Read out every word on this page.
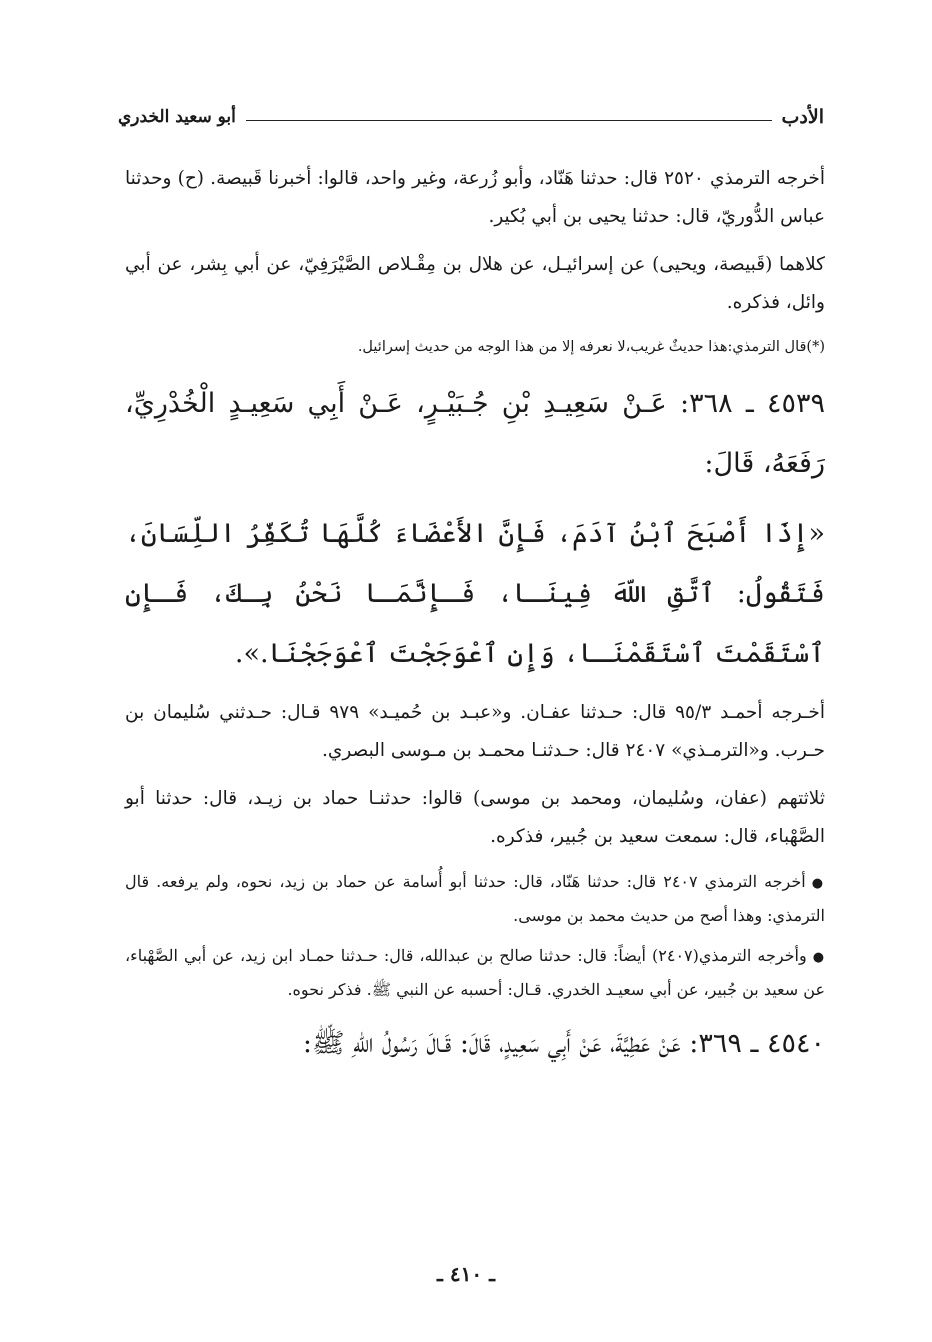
الأدب
أبو سعيد الخدري

أخرجه الترمذي ٢٥٢٠ قال: حدثنا هَنّاد، وأبو زُرعة، وغير واحد، قالوا: أخبرنا قَبيصة. (ح) وحدثنا عباس الدُّوريّ، قال: حدثنا يحيى بن أبي بُكير.

كلاهما (قَبيصة، ويحيى) عن إسرائيـل، عن هلال بن مِقْـلاص الصَّيْرَفِيّ، عن أبي بِشر، عن أبي وائل، فذكره.

(*)قال الترمذي:هذا حديثٌ غريب،لا نعرفه إلا من هذا الوجه من حديث إسرائيل.

٤٥٣٩ ـ ٣٦٨: عَـنْ سَعِيـدِ بْنِ جُـبَيْـرٍ، عَـنْ أَبِي سَعِيـدٍ الْخُدْرِيِّ، رَفَعَهُ، قَالَ:

«إِذَا أَصْبَحَ ٱبْنُ آدَمَ، فَإِنَّ الأَعْضَاءَ كُلَّهَا تُكَفِّرُ اللِّسَانَ، فَتَقُولُ: ٱتَّقِ اللّهَ فِينَـا، فَـإِنَّمَـا نَحْنُ بِـكَ، فَـإِنِ ٱسْتَقَمْتَ ٱسْتَقَمْنَـا، وَإِنِ ٱعْوَجَجْتَ ٱعْوَجَجْنَا.».

أخـرجه أحمـد ٩٥/٣ قال: حـدثنا عفـان. و«عبـد بن حُميـد» ٩٧٩ قـال: حـدثني سُليمان بن حـرب. و«الترمـذي» ٢٤٠٧ قال: حـدثنـا محمـد بن مـوسى البصري.

ثلاثتهم (عفان، وسُليمان، ومحمد بن موسى) قالوا: حدثنـا حماد بن زيـد، قال: حدثنا أبو الصَّهْباء، قال: سمعت سعيد بن جُبير، فذكره.

●أخرجه الترمذي ٢٤٠٧ قال: حدثنا هَنّاد، قال: حدثنا أبو أُسامة عن حماد بن زيد، نحوه، ولم يرفعه. قال الترمذي: وهذا أصح من حديث محمد بن موسى.

●وأخرجه الترمذي(٢٤٠٧) أيضاً: قال: حدثنا صالح بن عبدالله، قال: حـدثنا حمـاد ابن زيد، عن أبي الصَّهْباء، عن سعيد بن جُبير، عن أبي سعيـد الخدري. قـال: أحسبه عن النبي ﷺ. فذكر نحوه.

٤٥٤٠ ـ ٣٦٩: عَنْ عَطِيَّةَ، عَنْ أَبِي سَعِيدٍ، قَالَ: قَـالَ رَسُولُ اللّهِ ﷺ:

ـ ٤١٠ ـ
